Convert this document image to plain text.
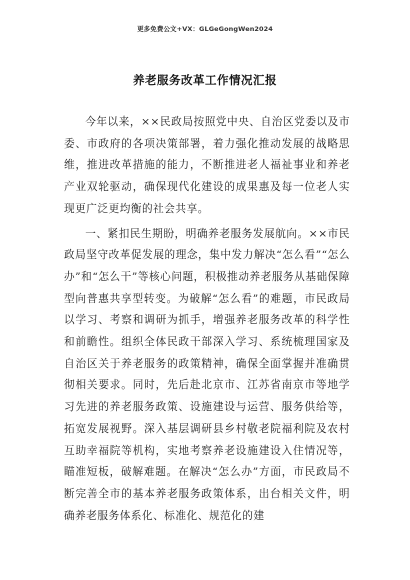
更多免费公文+VX：GLGeGongWen2024
养老服务改革工作情况汇报

今年以来，××民政局按照党中央、自治区党委以及市委、市政府的各项决策部署，着力强化推动发展的战略思维，推进改革措施的能力，不断推进老人福祉事业和养老产业双轮驱动，确保现代化建设的成果惠及每一位老人实现更广泛更均衡的社会共享。

一、紧扣民生期盼，明确养老服务发展航向。××市民政局坚守改革促发展的理念，集中发力解决“怎么看”“怎么办”和“怎么干”等核心问题，积极推动养老服务从基础保障型向普惠共享型转变。为破解“怎么看”的难题，市民政局以学习、考察和调研为抓手，增强养老服务改革的科学性和前瞻性。组织全体民政干部深入学习、系统梳理国家及自治区关于养老服务的政策精神，确保全面掌握并准确贯彻相关要求。同时，先后赴北京市、江苏省南京市等地学习先进的养老服务政策、设施建设与运营、服务供给等，拓宽发展视野。深入基层调研县乡村敬老院福利院及农村互助幸福院等机构，实地考察养老设施建设入住情况等，瞄准短板，破解难题。在解决“怎么办”方面，市民政局不断完善全市的基本养老服务政策体系，出台相关文件，明确养老服务体系化、标准化、规范化的建
